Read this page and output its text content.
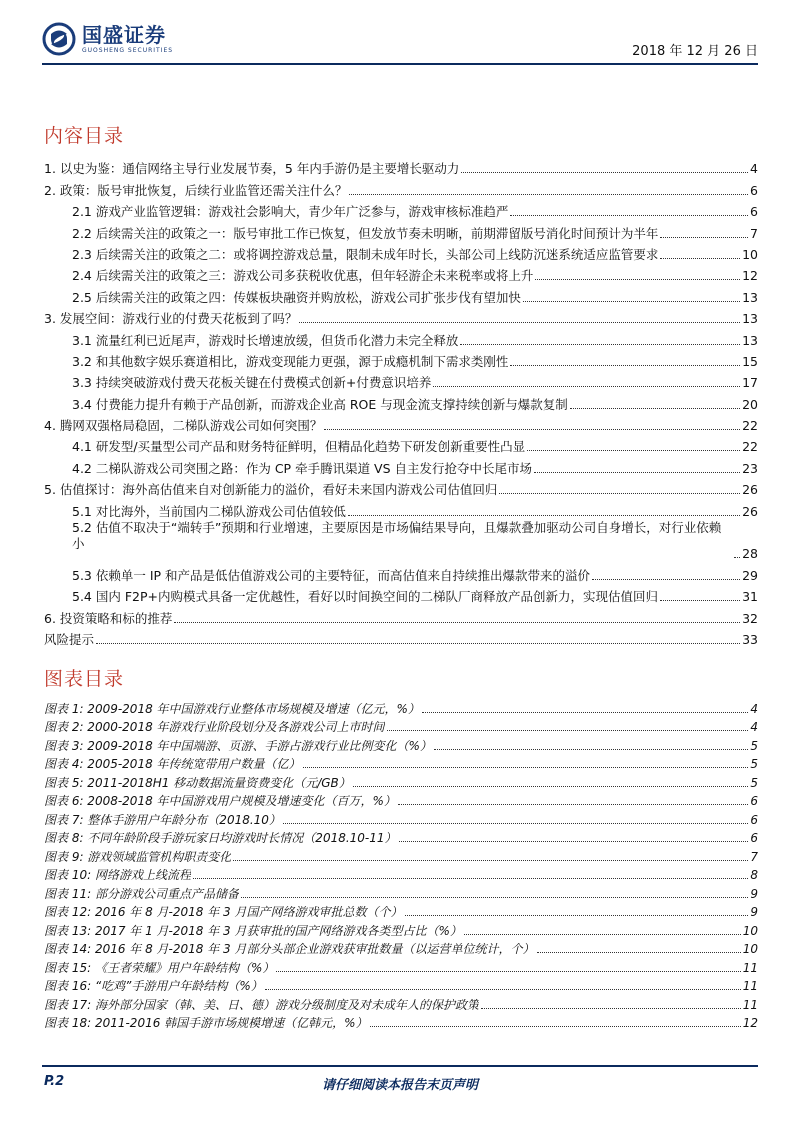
国盛证券
GUOSHENG SECURITIES	2018 年 12 月 26 日
内容目录
1. 以史为鉴：通信网络主导行业发展节奏，5 年内手游仍是主要增长驱动力	4
2. 政策：版号审批恢复，后续行业监管还需关注什么？	6
2.1 游戏产业监管逻辑：游戏社会影响大，青少年广泛参与，游戏审核标准趋严	6
2.2 后续需关注的政策之一：版号审批工作已恢复，但发放节奏未明晰，前期滞留版号消化时间预计为半年	7
2.3 后续需关注的政策之二：或将调控游戏总量，限制未成年时长，头部公司上线防沉迷系统适应监管要求	10
2.4 后续需关注的政策之三：游戏公司多获税收优惠，但年轻游企未来税率或将上升	12
2.5 后续需关注的政策之四：传媒板块融资并购放松，游戏公司扩张步伐有望加快	13
3. 发展空间：游戏行业的付费天花板到了吗？	13
3.1 流量红利已近尾声，游戏时长增速放缓，但货币化潜力未完全释放	13
3.2 和其他数字娱乐赛道相比，游戏变现能力更强，源于成瘾机制下需求类刚性	15
3.3 持续突破游戏付费天花板关键在付费模式创新+付费意识培养	17
3.4 付费能力提升有赖于产品创新，而游戏企业高 ROE 与现金流支撑持续创新与爆款复制	20
4. 腾网双强格局稳固，二梯队游戏公司如何突围？	22
4.1 研发型/买量型公司产品和财务特征鲜明，但精品化趋势下研发创新重要性凸显	22
4.2 二梯队游戏公司突围之路：作为 CP 牵手腾讯渠道 VS 自主发行抢夺中长尾市场	23
5. 估值探讨：海外高估值来自对创新能力的溢价，看好未来国内游戏公司估值回归	26
5.1 对比海外，当前国内二梯队游戏公司估值较低	26
5.2 估值不取决于“端转手”预期和行业增速，主要原因是市场偏结果导向，且爆款叠加驱动公司自身增长，对行业依赖小
28
5.3 依赖单一 IP 和产品是低估值游戏公司的主要特征，而高估值来自持续推出爆款带来的溢价	29
5.4 国内 F2P+内购模式具备一定优越性，看好以时间换空间的二梯队厂商释放产品创新力，实现估值回归	31
6. 投资策略和标的推荐	32
风险提示	33
图表目录
图表 1: 2009-2018 年中国游戏行业整体市场规模及增速（亿元，%）	4
图表 2: 2000-2018 年游戏行业阶段划分及各游戏公司上市时间	4
图表 3: 2009-2018 年中国端游、页游、手游占游戏行业比例变化（%）	5
图表 4: 2005-2018 年传统宽带用户数量（亿）	5
图表 5: 2011-2018H1 移动数据流量资费变化（元/GB）	5
图表 6: 2008-2018 年中国游戏用户规模及增速变化（百万，%）	6
图表 7: 整体手游用户年龄分布（2018.10）	6
图表 8: 不同年龄阶段手游玩家日均游戏时长情况（2018.10-11）	6
图表 9: 游戏领域监管机构职责变化	7
图表 10: 网络游戏上线流程	8
图表 11: 部分游戏公司重点产品储备	9
图表 12: 2016 年 8 月-2018 年 3 月国产网络游戏审批总数（个）	9
图表 13: 2017 年 1 月-2018 年 3 月获审批的国产网络游戏各类型占比（%）	10
图表 14: 2016 年 8 月-2018 年 3 月部分头部企业游戏获审批数量（以运营单位统计，个）	10
图表 15: 《王者荣耀》用户年龄结构（%）	11
图表 16: “吃鸡”手游用户年龄结构（%）	11
图表 17: 海外部分国家（韩、美、日、德）游戏分级制度及对未成年人的保护政策	11
图表 18: 2011-2016 韩国手游市场规模增速（亿韩元，%）	12
P.2	请仔细阅读本报告末页声明
